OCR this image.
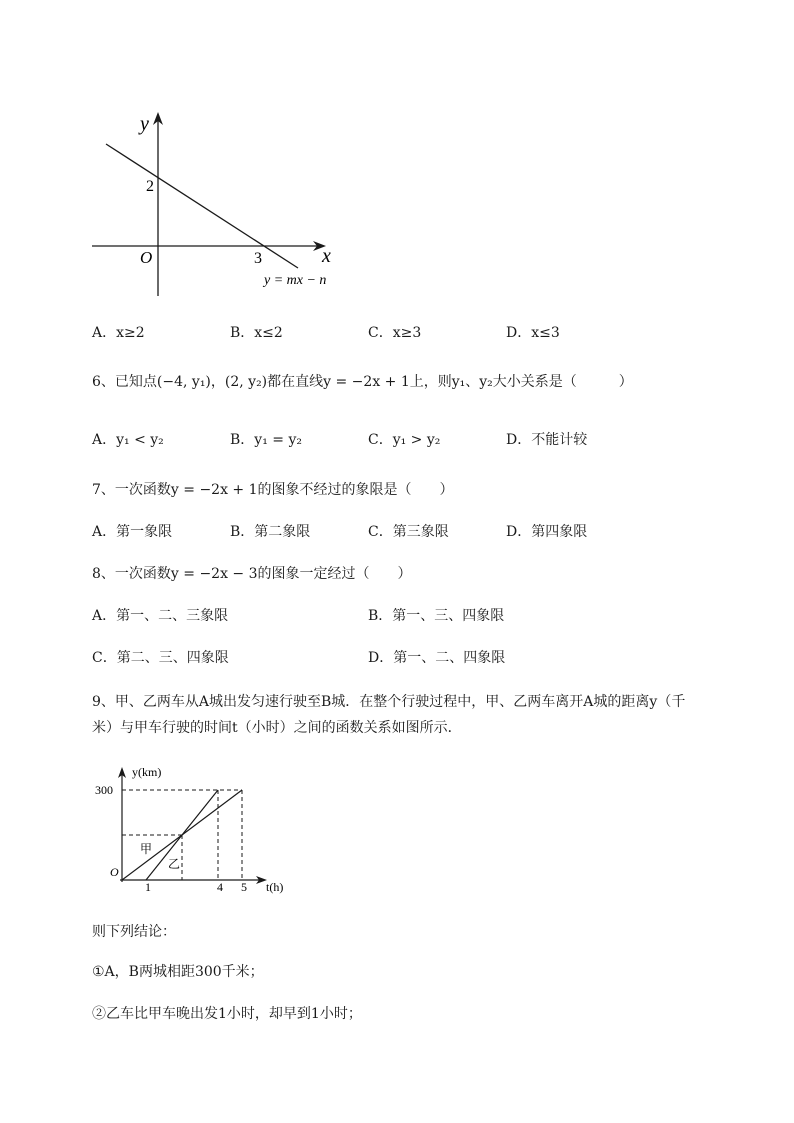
y
x
O
2
3
y = mx − n
A．x≥2	B．x≤2	C．x≥3	D．x≤3
6、已知点(−4, y₁)，(2, y₂)都在直线y = −2x + 1上，则y₁、y₂大小关系是（　　　）
A．y₁ < y₂	B．y₁ = y₂	C．y₁ > y₂	D．不能计较
7、一次函数y = −2x + 1的图象不经过的象限是（　　）
A．第一象限	B．第二象限	C．第三象限	D．第四象限
8、一次函数y = −2x − 3的图象一定经过（　　）
A．第一、二、三象限	B．第一、三、四象限
C．第二、三、四象限	D．第一、二、四象限
9、甲、乙两车从A城出发匀速行驶至B城．在整个行驶过程中，甲、乙两车离开A城的距离y（千
米）与甲车行驶的时间t（小时）之间的函数关系如图所示．
y(km)
t(h)
O
300
1	4 5
甲
乙
则下列结论：
①A，B两城相距300千米；
②乙车比甲车晚出发1小时，却早到1小时；
